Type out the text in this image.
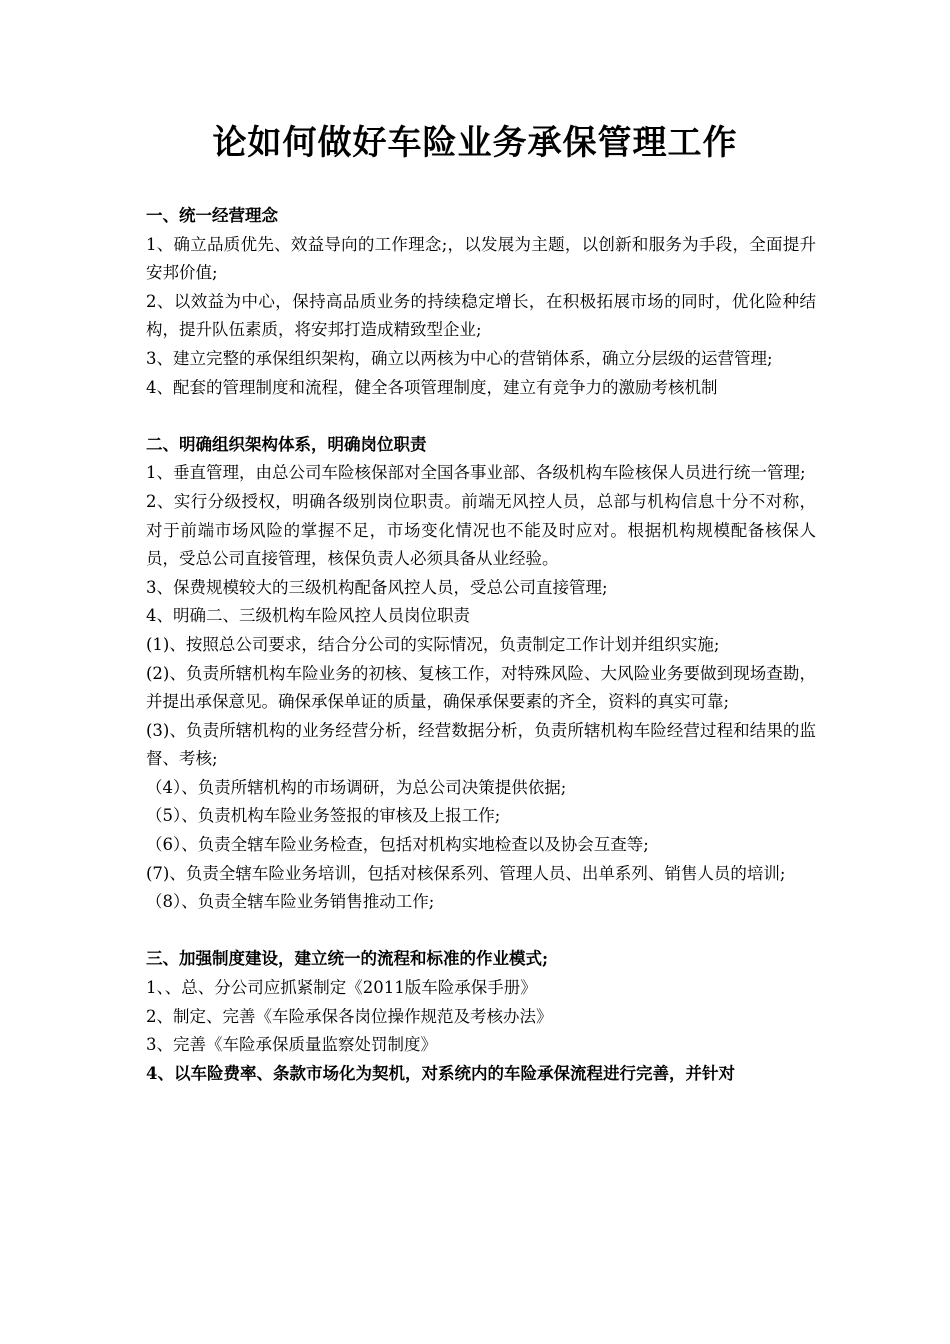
论如何做好车险业务承保管理工作

一、统一经营理念

1、确立品质优先、效益导向的工作理念;，以发展为主题，以创新和服务为手段，全面提升安邦价值;

2、以效益为中心，保持高品质业务的持续稳定增长，在积极拓展市场的同时，优化险种结构，提升队伍素质，将安邦打造成精致型企业;

3、建立完整的承保组织架构，确立以两核为中心的营销体系，确立分层级的运营管理;

4、配套的管理制度和流程，健全各项管理制度，建立有竞争力的激励考核机制

二、明确组织架构体系，明确岗位职责

1、垂直管理，由总公司车险核保部对全国各事业部、各级机构车险核保人员进行统一管理;

2、实行分级授权，明确各级别岗位职责。前端无风控人员，总部与机构信息十分不对称，对于前端市场风险的掌握不足，市场变化情况也不能及时应对。根据机构规模配备核保人员，受总公司直接管理，核保负责人必须具备从业经验。

3、保费规模较大的三级机构配备风控人员，受总公司直接管理;

4、明确二、三级机构车险风控人员岗位职责

(1)、按照总公司要求，结合分公司的实际情况，负责制定工作计划并组织实施;

(2)、负责所辖机构车险业务的初核、复核工作，对特殊风险、大风险业务要做到现场查勘，并提出承保意见。确保承保单证的质量，确保承保要素的齐全，资料的真实可靠;

(3)、负责所辖机构的业务经营分析，经营数据分析，负责所辖机构车险经营过程和结果的监督、考核;

（4）、负责所辖机构的市场调研，为总公司决策提供依据;

（5）、负责机构车险业务签报的审核及上报工作;

（6）、负责全辖车险业务检查，包括对机构实地检查以及协会互查等;

(7)、负责全辖车险业务培训，包括对核保系列、管理人员、出单系列、销售人员的培训;

（8）、负责全辖车险业务销售推动工作;

三、加强制度建设，建立统一的流程和标准的作业模式;

1、、总、分公司应抓紧制定《2011版车险承保手册》

2、制定、完善《车险承保各岗位操作规范及考核办法》

3、完善《车险承保质量监察处罚制度》

4、以车险费率、条款市场化为契机，对系统内的车险承保流程进行完善，并针对
